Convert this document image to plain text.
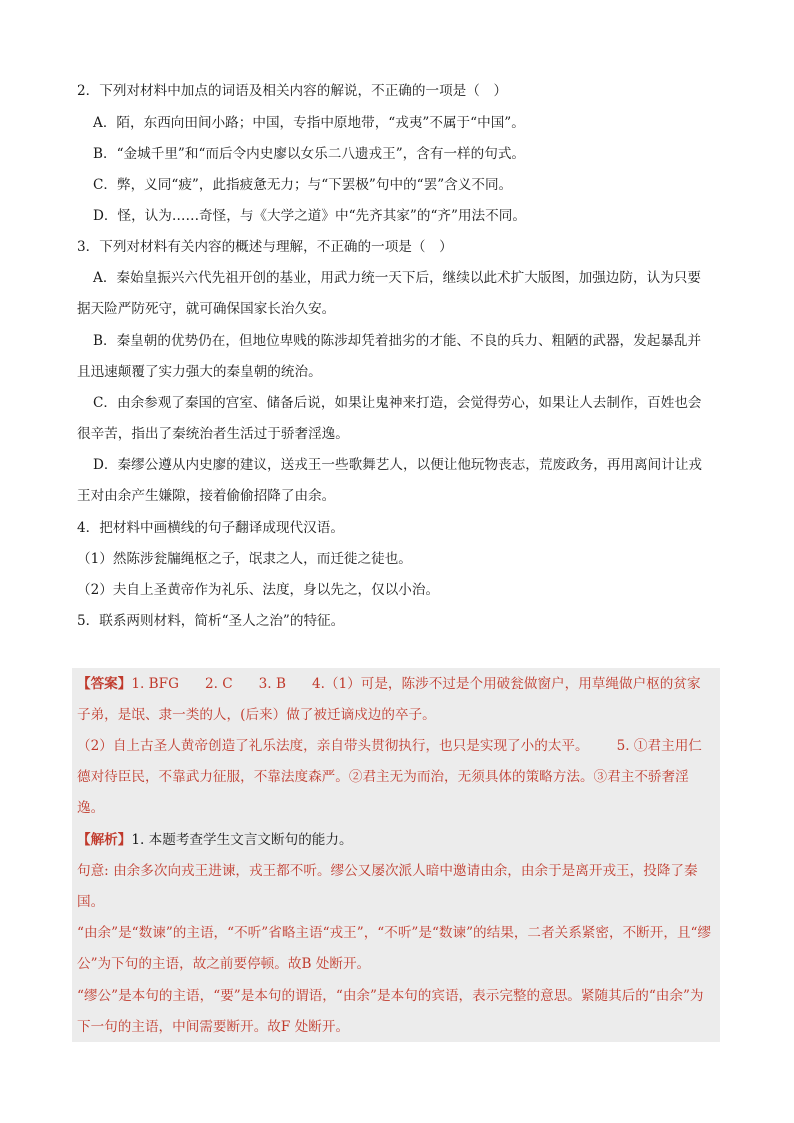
2．下列对材料中加点的词语及相关内容的解说，不正确的一项是（　）

A．陌，东西向田间小路；中国，专指中原地带，“戎夷”不属于“中国”。

B．“金城千里”和“而后令内史廖以女乐二八遗戎王”，含有一样的句式。

C．弊，义同“疲”，此指疲惫无力；与“下罢极”句中的“罢”含义不同。

D．怪，认为……奇怪，与《大学之道》中“先齐其家”的“齐”用法不同。

3．下列对材料有关内容的概述与理解，不正确的一项是（　）

A．秦始皇振兴六代先祖开创的基业，用武力统一天下后，继续以此术扩大版图，加强边防，认为只要

据天险严防死守，就可确保国家长治久安。

B．秦皇朝的优势仍在，但地位卑贱的陈涉却凭着拙劣的才能、不良的兵力、粗陋的武器，发起暴乱并

且迅速颠覆了实力强大的秦皇朝的统治。

C．由余参观了秦国的宫室、储备后说，如果让鬼神来打造，会觉得劳心，如果让人去制作，百姓也会

很辛苦，指出了秦统治者生活过于骄奢淫逸。

D．秦缪公遵从内史廖的建议，送戎王一些歌舞艺人，以便让他玩物丧志，荒废政务，再用离间计让戎

王对由余产生嫌隙，接着偷偷招降了由余。

4．把材料中画横线的句子翻译成现代汉语。

（1）然陈涉瓮牖绳枢之子，氓隶之人，而迁徙之徒也。

（2）夫自上圣黄帝作为礼乐、法度，身以先之，仅以小治。

5．联系两则材料，简析“圣人之治”的特征。

【答案】1. BFG 2. C 3. B 4.（1）可是，陈涉不过是个用破瓮做窗户，用草绳做户枢的贫家
子弟，是氓、隶一类的人，(后来）做了被迁谪戍边的卒子。
（2）自上古圣人黄帝创造了礼乐法度，亲自带头贯彻执行，也只是实现了小的太平。 5. ①君主用仁
德对待臣民，不靠武力征服，不靠法度森严。②君主无为而治，无须具体的策略方法。③君主不骄奢淫
逸。
【解析】1. 本题考查学生文言文断句的能力。
句意: 由余多次向戎王进谏，戎王都不听。缪公又屡次派人暗中邀请由余，由余于是离开戎王，投降了秦
国。
“由余”是“数谏”的主语，“不听”省略主语“戎王”，“不听”是“数谏”的结果，二者关系紧密，不断开，且“缪
公”为下句的主语，故之前要停顿。故B 处断开。
“缪公”是本句的主语，“要”是本句的谓语，“由余”是本句的宾语，表示完整的意思。紧随其后的“由余”为
下一句的主语，中间需要断开。故F 处断开。
